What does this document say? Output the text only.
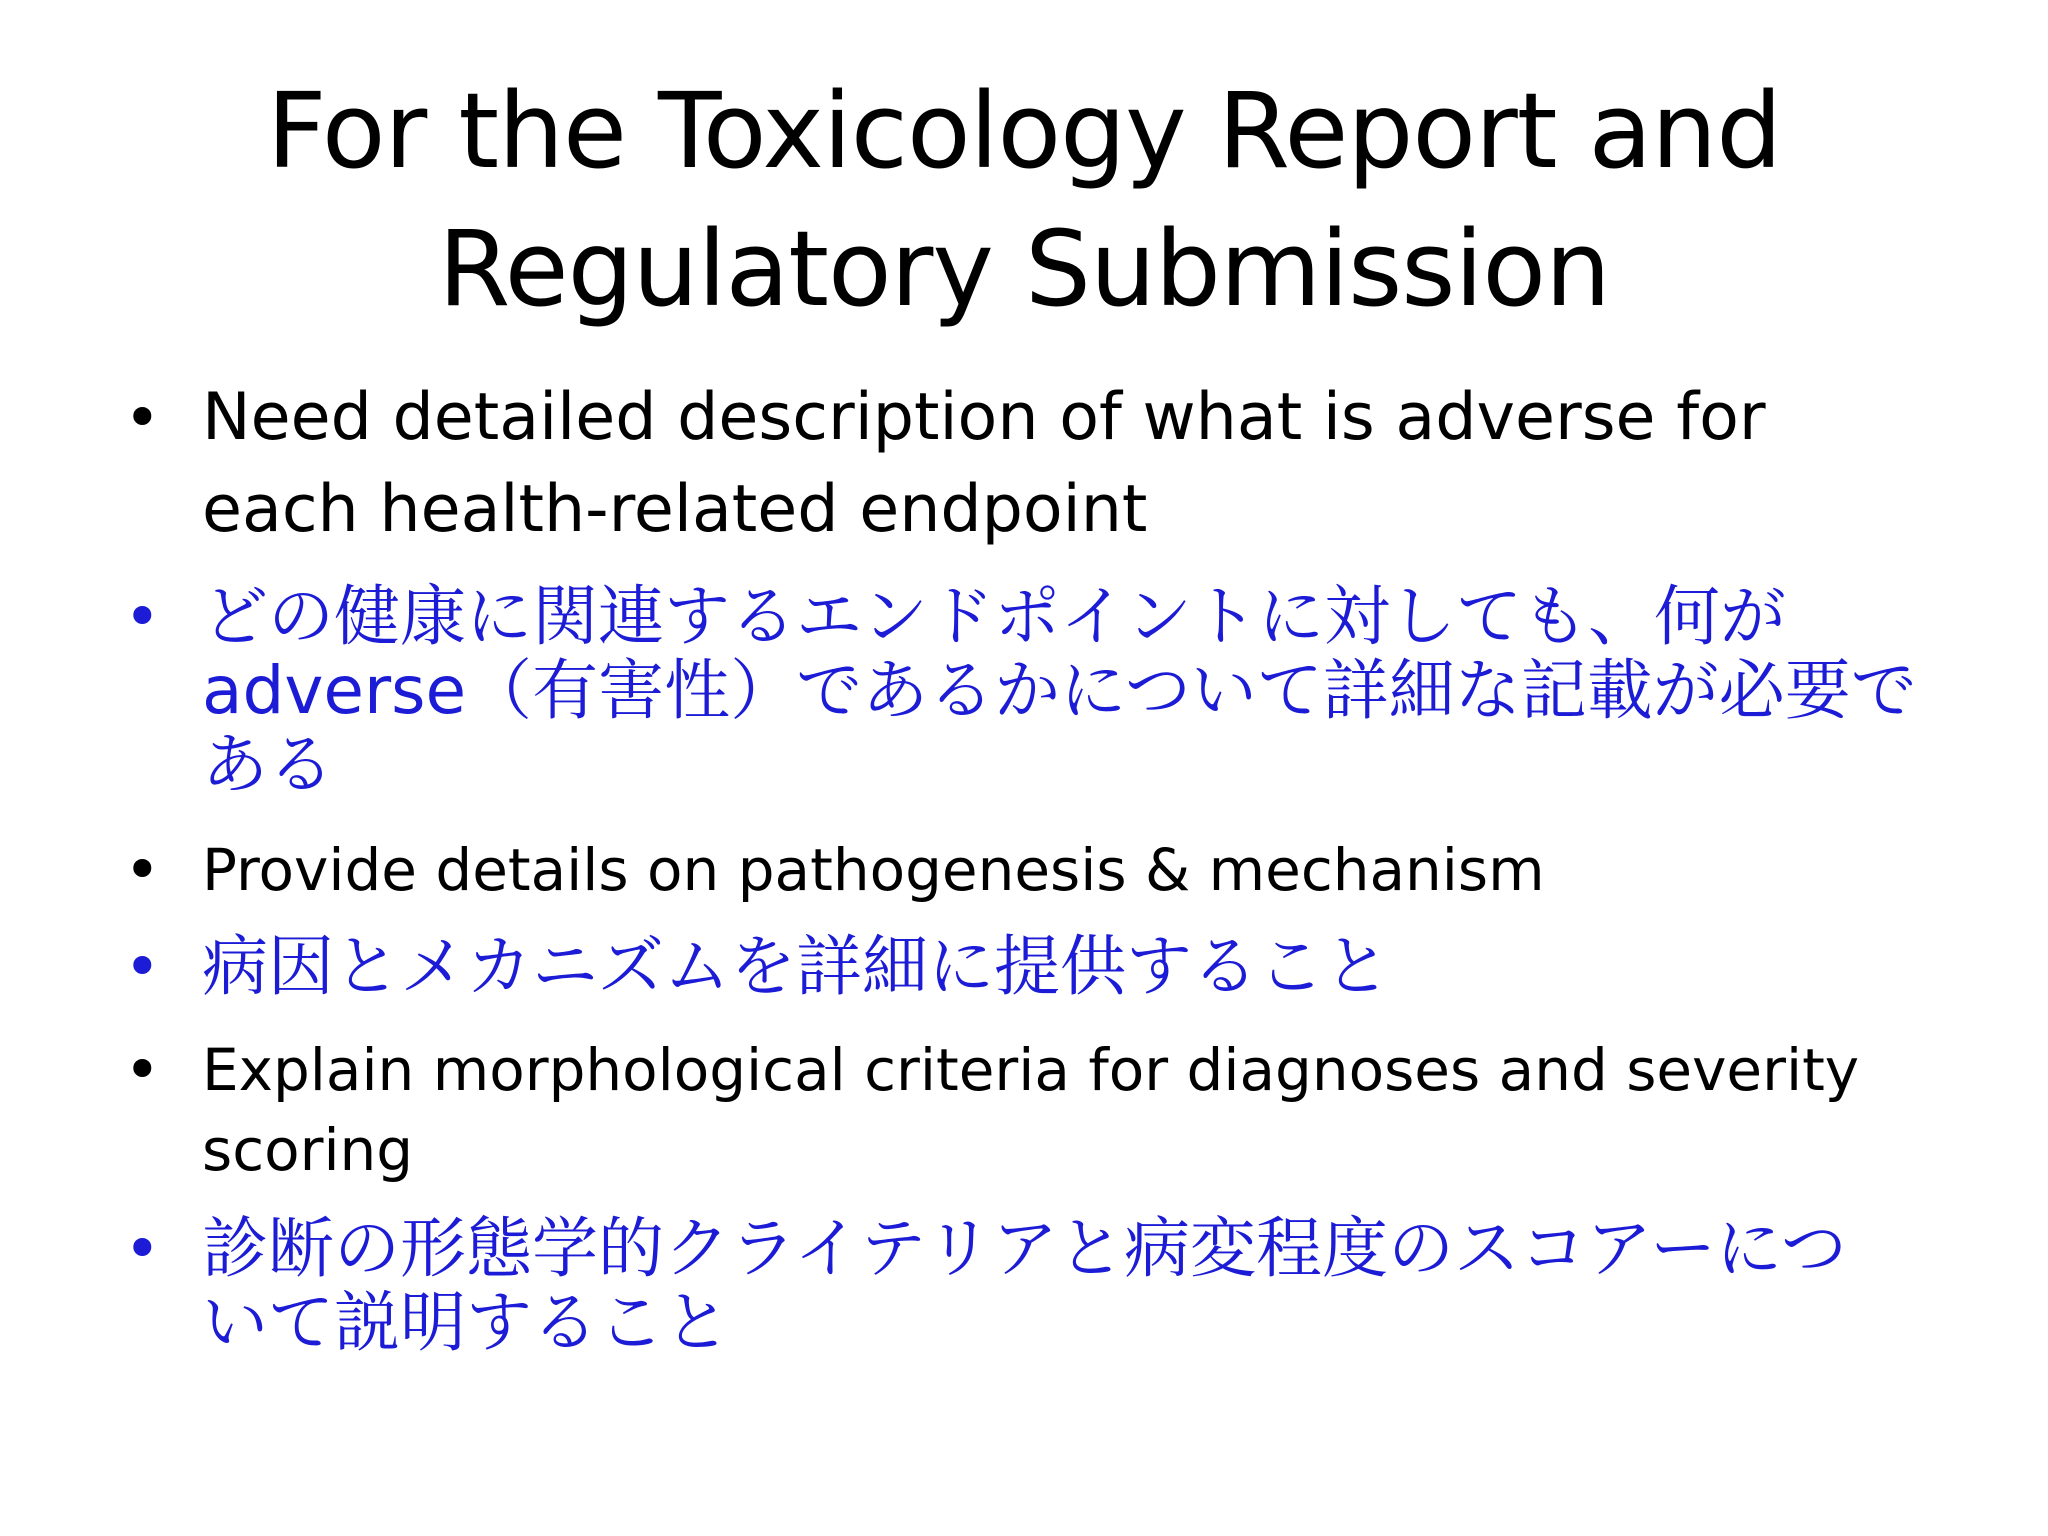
For the Toxicology Report and
Regulatory Submission
• Need detailed description of what is adverse for
each health-related endpoint
• どの健康に関連するエンドポイントに対しても、何が
adverse（有害性）であるかについて詳細な記載が必要で
ある
• Provide details on pathogenesis & mechanism
• 病因とメカニズムを詳細に提供すること
• Explain morphological criteria for diagnoses and severity
scoring
• 診断の形態学的クライテリアと病変程度のスコアーにつ
いて説明すること
